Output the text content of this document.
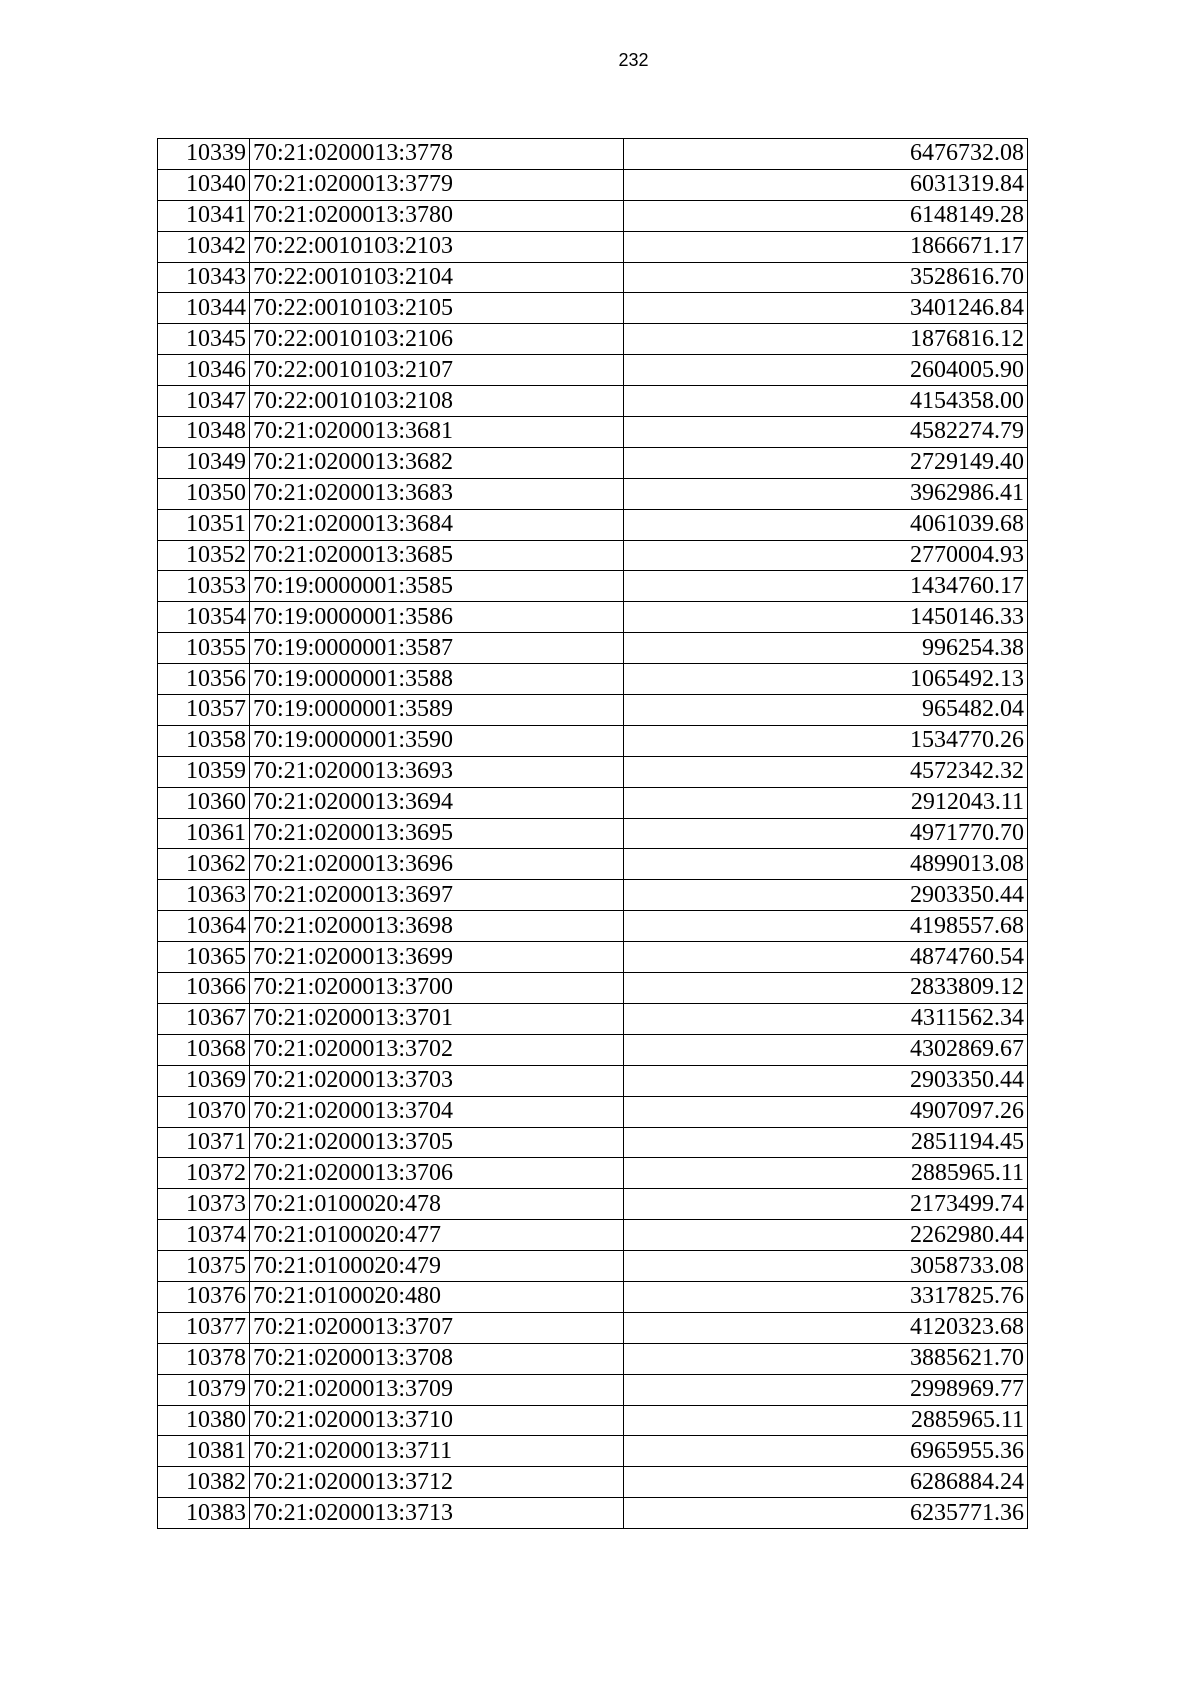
232
10339	70:21:0200013:3778	6476732.08
10340	70:21:0200013:3779	6031319.84
10341	70:21:0200013:3780	6148149.28
10342	70:22:0010103:2103	1866671.17
10343	70:22:0010103:2104	3528616.70
10344	70:22:0010103:2105	3401246.84
10345	70:22:0010103:2106	1876816.12
10346	70:22:0010103:2107	2604005.90
10347	70:22:0010103:2108	4154358.00
10348	70:21:0200013:3681	4582274.79
10349	70:21:0200013:3682	2729149.40
10350	70:21:0200013:3683	3962986.41
10351	70:21:0200013:3684	4061039.68
10352	70:21:0200013:3685	2770004.93
10353	70:19:0000001:3585	1434760.17
10354	70:19:0000001:3586	1450146.33
10355	70:19:0000001:3587	996254.38
10356	70:19:0000001:3588	1065492.13
10357	70:19:0000001:3589	965482.04
10358	70:19:0000001:3590	1534770.26
10359	70:21:0200013:3693	4572342.32
10360	70:21:0200013:3694	2912043.11
10361	70:21:0200013:3695	4971770.70
10362	70:21:0200013:3696	4899013.08
10363	70:21:0200013:3697	2903350.44
10364	70:21:0200013:3698	4198557.68
10365	70:21:0200013:3699	4874760.54
10366	70:21:0200013:3700	2833809.12
10367	70:21:0200013:3701	4311562.34
10368	70:21:0200013:3702	4302869.67
10369	70:21:0200013:3703	2903350.44
10370	70:21:0200013:3704	4907097.26
10371	70:21:0200013:3705	2851194.45
10372	70:21:0200013:3706	2885965.11
10373	70:21:0100020:478	2173499.74
10374	70:21:0100020:477	2262980.44
10375	70:21:0100020:479	3058733.08
10376	70:21:0100020:480	3317825.76
10377	70:21:0200013:3707	4120323.68
10378	70:21:0200013:3708	3885621.70
10379	70:21:0200013:3709	2998969.77
10380	70:21:0200013:3710	2885965.11
10381	70:21:0200013:3711	6965955.36
10382	70:21:0200013:3712	6286884.24
10383	70:21:0200013:3713	6235771.36
